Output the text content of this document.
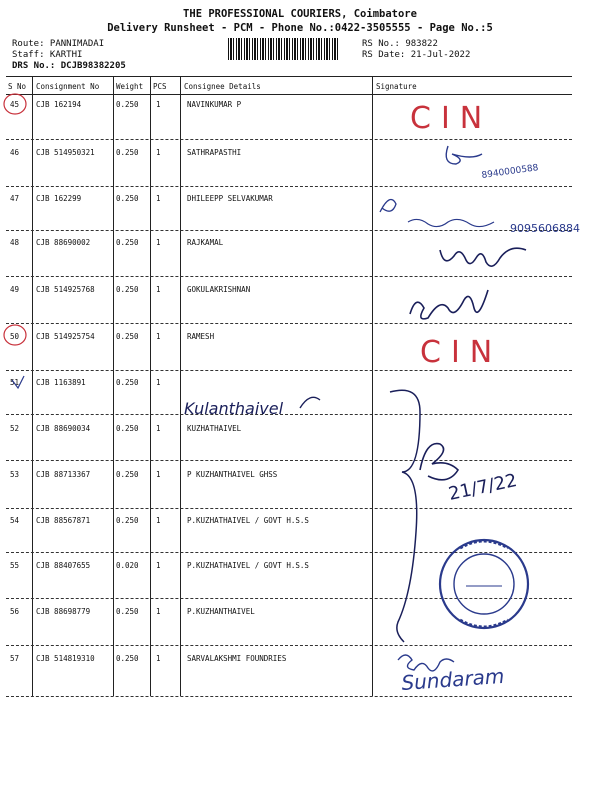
THE PROFESSIONAL COURIERS, Coimbatore
Delivery Runsheet - PCM - Phone No.:0422-3505555 - Page No.:5
Route: PANNIMADAI
Staff: KARTHI
DRS No.: DCJB98382205
RS No.: 983822
RS Date: 21-Jul-2022
S No Consignment No Weight PCS Consignee Details	Signature
45 CJB 162194	0.250 1	NAVINKUMAR P
46 CJB 514950321	0.250 1	SATHRAPASTHI
47 CJB 162299	0.250 1	DHILEEPP SELVAKUMAR
48 CJB 88690002	0.250 1	RAJKAMAL
49 CJB 514925768	0.250 1	GOKULAKRISHNAN
50 CJB 514925754	0.250 1	RAMESH
51 CJB 1163891	0.250 1
52 CJB 88690034	0.250 1	KUZHATHAIVEL
53 CJB 88713367	0.250 1	P KUZHANTHAIVEL GHSS
54 CJB 88567871	0.250 1	P.KUZHATHAIVEL / GOVT H.S.S
55 CJB 88407655	0.020 1	P.KUZHATHAIVEL / GOVT H.S.S
56 CJB 88698779	0.250 1	P.KUZHANTHAIVEL
57 CJB 514819310	0.250 1	SARVALAKSHMI FOUNDRIES
CIN
8940000588
9095606884
CIN
Kulanthaivel
21/7/22
Sundaram
